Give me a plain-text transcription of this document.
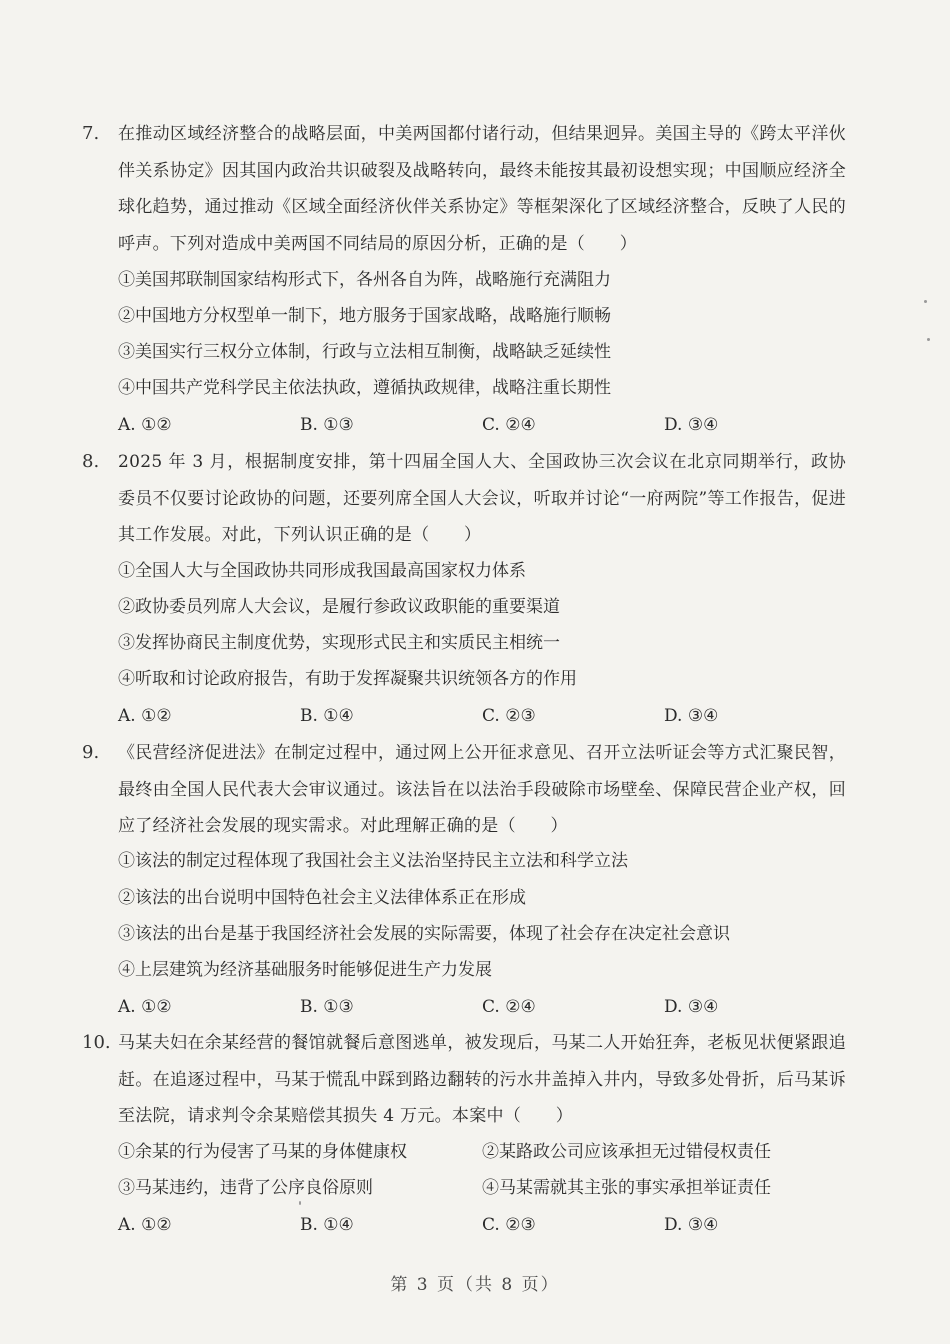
7. 在推动区域经济整合的战略层面，中美两国都付诸行动，但结果迥异。美国主导的《跨太平洋伙伴关系协定》因其国内政治共识破裂及战略转向，最终未能按其最初设想实现；中国顺应经济全球化趋势，通过推动《区域全面经济伙伴关系协定》等框架深化了区域经济整合，反映了人民的呼声。下列对造成中美两国不同结局的原因分析，正确的是（　　）
①美国邦联制国家结构形式下，各州各自为阵，战略施行充满阻力
②中国地方分权型单一制下，地方服务于国家战略，战略施行顺畅
③美国实行三权分立体制，行政与立法相互制衡，战略缺乏延续性
④中国共产党科学民主依法执政，遵循执政规律，战略注重长期性
A. ①②	B. ①③	C. ②④	D. ③④
8. 2025 年 3 月，根据制度安排，第十四届全国人大、全国政协三次会议在北京同期举行，政协委员不仅要讨论政协的问题，还要列席全国人大会议，听取并讨论“一府两院”等工作报告，促进其工作发展。对此，下列认识正确的是（　　）
①全国人大与全国政协共同形成我国最高国家权力体系
②政协委员列席人大会议，是履行参政议政职能的重要渠道
③发挥协商民主制度优势，实现形式民主和实质民主相统一
④听取和讨论政府报告，有助于发挥凝聚共识统领各方的作用
A. ①②	B. ①④	C. ②③	D. ③④
9. 《民营经济促进法》在制定过程中，通过网上公开征求意见、召开立法听证会等方式汇聚民智，最终由全国人民代表大会审议通过。该法旨在以法治手段破除市场壁垒、保障民营企业产权，回应了经济社会发展的现实需求。对此理解正确的是（　　）
①该法的制定过程体现了我国社会主义法治坚持民主立法和科学立法
②该法的出台说明中国特色社会主义法律体系正在形成
③该法的出台是基于我国经济社会发展的实际需要，体现了社会存在决定社会意识
④上层建筑为经济基础服务时能够促进生产力发展
A. ①②	B. ①③	C. ②④	D. ③④
10. 马某夫妇在余某经营的餐馆就餐后意图逃单，被发现后，马某二人开始狂奔，老板见状便紧跟追赶。在追逐过程中，马某于慌乱中踩到路边翻转的污水井盖掉入井内，导致多处骨折，后马某诉至法院，请求判令余某赔偿其损失 4 万元。本案中（　　）
①余某的行为侵害了马某的身体健康权	②某路政公司应该承担无过错侵权责任
③马某违约，违背了公序良俗原则	④马某需就其主张的事实承担举证责任
A. ①②	B. ①④	C. ②③	D. ③④
第 3 页（共 8 页）
